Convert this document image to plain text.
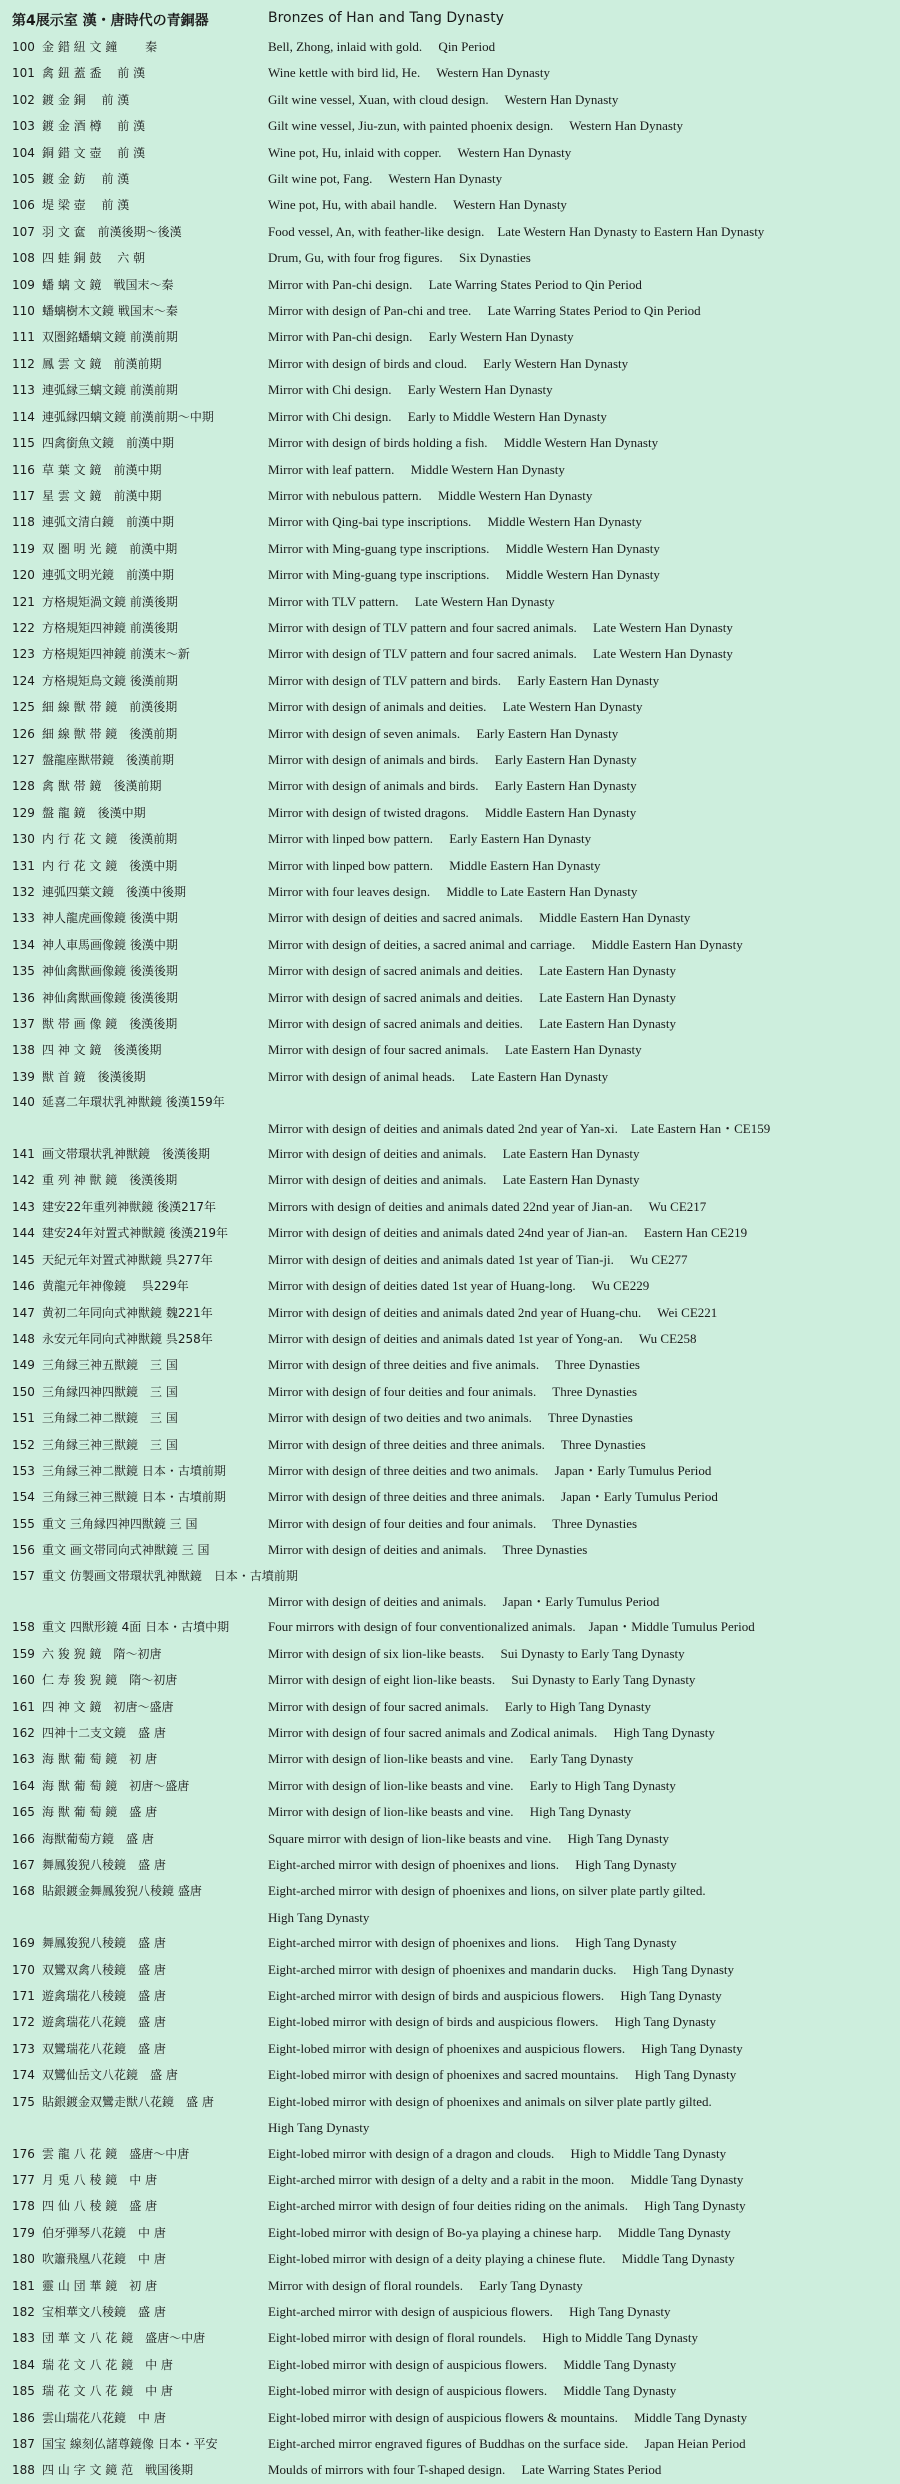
第4展示室 漢・唐時代の青銅器	Bronzes of Han and Tang Dynasty
100 金 錯 紐 文 鐘　　 秦	Bell, Zhong, inlaid with gold.　 Qin Period
101 禽 鈕 蓋 盉　 前 漢	Wine kettle with bird lid, He.　 Western Han Dynasty
102 鍍 金 銅　 前 漢	Gilt wine vessel, Xuan, with cloud design.　 Western Han Dynasty
103 鍍 金 酒 樽　 前 漢	Gilt wine vessel, Jiu-zun, with painted phoenix design.　 Western Han Dynasty
104 銅 錯 文 壺　 前 漢	Wine pot, Hu, inlaid with copper.　 Western Han Dynasty
105 鍍 金 鈁　 前 漢	Gilt wine pot, Fang.　 Western Han Dynasty
106 堤 梁 壺　 前 漢	Wine pot, Hu, with abail handle.　 Western Han Dynasty
107 羽 文 奩　前漢後期～後漢	Food vessel, An, with feather-like design.　Late Western Han Dynasty to Eastern Han Dynasty
108 四 蛙 銅 鼓　 六 朝	Drum, Gu, with four frog figures.　 Six Dynasties
109 蟠 螭 文 鏡　戦国末～秦	Mirror with Pan-chi design.　 Late Warring States Period to Qin Period
110 蟠螭樹木文鏡 戦国末～秦	Mirror with design of Pan-chi and tree.　 Late Warring States Period to Qin Period
111 双圏銘蟠螭文鏡 前漢前期	Mirror with Pan-chi design.　 Early Western Han Dynasty
112 鳳 雲 文 鏡　前漢前期	Mirror with design of birds and cloud.　 Early Western Han Dynasty
113 連弧縁三螭文鏡 前漢前期	Mirror with Chi design.　 Early Western Han Dynasty
114 連弧縁四螭文鏡 前漢前期～中期	Mirror with Chi design.　 Early to Middle Western Han Dynasty
115 四禽銜魚文鏡　前漢中期	Mirror with design of birds holding a fish.　 Middle Western Han Dynasty
116 草 葉 文 鏡　前漢中期	Mirror with leaf pattern.　 Middle Western Han Dynasty
117 星 雲 文 鏡　前漢中期	Mirror with nebulous pattern.　 Middle Western Han Dynasty
118 連弧文清白鏡　前漢中期	Mirror with Qing-bai type inscriptions.　 Middle Western Han Dynasty
119 双 圏 明 光 鏡　前漢中期	Mirror with Ming-guang type inscriptions.　 Middle Western Han Dynasty
120 連弧文明光鏡　前漢中期	Mirror with Ming-guang type inscriptions.　 Middle Western Han Dynasty
121 方格規矩渦文鏡 前漢後期	Mirror with TLV pattern.　 Late Western Han Dynasty
122 方格規矩四神鏡 前漢後期	Mirror with design of TLV pattern and four sacred animals.　 Late Western Han Dynasty
123 方格規矩四神鏡 前漢末～新	Mirror with design of TLV pattern and four sacred animals.　 Late Western Han Dynasty
124 方格規矩鳥文鏡 後漢前期	Mirror with design of TLV pattern and birds.　 Early Eastern Han Dynasty
125 細 線 獣 帯 鏡　前漢後期	Mirror with design of animals and deities.　 Late Western Han Dynasty
126 細 線 獣 帯 鏡　後漢前期	Mirror with design of seven animals.　 Early Eastern Han Dynasty
127 盤龍座獣帯鏡　後漢前期	Mirror with design of animals and birds.　 Early Eastern Han Dynasty
128 禽 獣 帯 鏡　後漢前期	Mirror with design of animals and birds.　 Early Eastern Han Dynasty
129 盤 龍 鏡　後漢中期	Mirror with design of twisted dragons.　 Middle Eastern Han Dynasty
130 内 行 花 文 鏡　後漢前期	Mirror with linped bow pattern.　 Early Eastern Han Dynasty
131 内 行 花 文 鏡　後漢中期	Mirror with linped bow pattern.　 Middle Eastern Han Dynasty
132 連弧四葉文鏡　後漢中後期	Mirror with four leaves design.　 Middle to Late Eastern Han Dynasty
133 神人龍虎画像鏡 後漢中期	Mirror with design of deities and sacred animals.　 Middle Eastern Han Dynasty
134 神人車馬画像鏡 後漢中期	Mirror with design of deities, a sacred animal and carriage.　 Middle Eastern Han Dynasty
135 神仙禽獣画像鏡 後漢後期	Mirror with design of sacred animals and deities.　 Late Eastern Han Dynasty
136 神仙禽獣画像鏡 後漢後期	Mirror with design of sacred animals and deities.　 Late Eastern Han Dynasty
137 獣 帯 画 像 鏡　後漢後期	Mirror with design of sacred animals and deities.　 Late Eastern Han Dynasty
138 四 神 文 鏡　後漢後期	Mirror with design of four sacred animals.　 Late Eastern Han Dynasty
139 獣 首 鏡　後漢後期	Mirror with design of animal heads.　 Late Eastern Han Dynasty
140 延喜二年環状乳神獣鏡 後漢159年
Mirror with design of deities and animals dated 2nd year of Yan-xi.　Late Eastern Han・CE159
141 画文帯環状乳神獣鏡　後漢後期	Mirror with design of deities and animals.　 Late Eastern Han Dynasty
142 重 列 神 獣 鏡　後漢後期	Mirror with design of deities and animals.　 Late Eastern Han Dynasty
143 建安22年重列神獣鏡 後漢217年	Mirrors with design of deities and animals dated 22nd year of Jian-an.　 Wu CE217
144 建安24年対置式神獣鏡 後漢219年	Mirror with design of deities and animals dated 24nd year of Jian-an.　 Eastern Han CE219
145 天紀元年対置式神獣鏡 呉277年	Mirror with design of deities and animals dated 1st year of Tian-ji.　 Wu CE277
146 黄龍元年神像鏡　 呉229年	Mirror with design of deities dated 1st year of Huang-long.　 Wu CE229
147 黄初二年同向式神獣鏡 魏221年	Mirror with design of deities and animals dated 2nd year of Huang-chu.　 Wei CE221
148 永安元年同向式神獣鏡 呉258年	Mirror with design of deities and animals dated 1st year of Yong-an.　 Wu CE258
149 三角縁三神五獣鏡　三 国	Mirror with design of three deities and five animals.　 Three Dynasties
150 三角縁四神四獣鏡　三 国	Mirror with design of four deities and four animals.　 Three Dynasties
151 三角縁二神二獣鏡　三 国	Mirror with design of two deities and two animals.　 Three Dynasties
152 三角縁三神三獣鏡　三 国	Mirror with design of three deities and three animals.　 Three Dynasties
153 三角縁三神二獣鏡 日本・古墳前期	Mirror with design of three deities and two animals.　 Japan・Early Tumulus Period
154 三角縁三神三獣鏡 日本・古墳前期	Mirror with design of three deities and three animals.　 Japan・Early Tumulus Period
155 重文 三角縁四神四獣鏡 三 国	Mirror with design of four deities and four animals.　 Three Dynasties
156 重文 画文帯同向式神獣鏡 三 国	Mirror with design of deities and animals.　 Three Dynasties
157 重文 仿製画文帯環状乳神獣鏡　日本・古墳前期
Mirror with design of deities and animals.　 Japan・Early Tumulus Period
158 重文 四獣形鏡 4面 日本・古墳中期	Four mirrors with design of four conventionalized animals.　Japan・Middle Tumulus Period
159 六 狻 猊 鏡　隋～初唐	Mirror with design of six lion-like beasts.　 Sui Dynasty to Early Tang Dynasty
160 仁 寿 狻 猊 鏡　隋～初唐	Mirror with design of eight lion-like beasts.　 Sui Dynasty to Early Tang Dynasty
161 四 神 文 鏡　初唐～盛唐	Mirror with design of four sacred animals.　 Early to High Tang Dynasty
162 四神十二支文鏡　盛 唐	Mirror with design of four sacred animals and Zodical animals.　 High Tang Dynasty
163 海 獣 葡 萄 鏡　初 唐	Mirror with design of lion-like beasts and vine.　 Early Tang Dynasty
164 海 獣 葡 萄 鏡　初唐～盛唐	Mirror with design of lion-like beasts and vine.　 Early to High Tang Dynasty
165 海 獣 葡 萄 鏡　盛 唐	Mirror with design of lion-like beasts and vine.　 High Tang Dynasty
166 海獣葡萄方鏡　盛 唐	Square mirror with design of lion-like beasts and vine.　 High Tang Dynasty
167 舞鳳狻猊八稜鏡　盛 唐	Eight-arched mirror with design of phoenixes and lions.　 High Tang Dynasty
168 貼銀鍍金舞鳳狻猊八稜鏡 盛唐	Eight-arched mirror with design of phoenixes and lions, on silver plate partly gilted.
High Tang Dynasty
169 舞鳳狻猊八稜鏡　盛 唐	Eight-arched mirror with design of phoenixes and lions.　 High Tang Dynasty
170 双鸞双禽八稜鏡　盛 唐	Eight-arched mirror with design of phoenixes and mandarin ducks.　 High Tang Dynasty
171 遊禽瑞花八稜鏡　盛 唐	Eight-arched mirror with design of birds and auspicious flowers.　 High Tang Dynasty
172 遊禽瑞花八花鏡　盛 唐	Eight-lobed mirror with design of birds and auspicious flowers.　 High Tang Dynasty
173 双鸞瑞花八花鏡　盛 唐	Eight-lobed mirror with design of phoenixes and auspicious flowers.　 High Tang Dynasty
174 双鸞仙岳文八花鏡　盛 唐	Eight-lobed mirror with design of phoenixes and sacred mountains.　 High Tang Dynasty
175 貼銀鍍金双鸞走獣八花鏡　盛 唐	Eight-lobed mirror with design of phoenixes and animals on silver plate partly gilted.
High Tang Dynasty
176 雲 龍 八 花 鏡　盛唐～中唐	Eight-lobed mirror with design of a dragon and clouds.　 High to Middle Tang Dynasty
177 月 兎 八 稜 鏡　中 唐	Eight-arched mirror with design of a delty and a rabit in the moon.　 Middle Tang Dynasty
178 四 仙 八 稜 鏡　盛 唐	Eight-arched mirror with design of four deities riding on the animals.　 High Tang Dynasty
179 伯牙弾琴八花鏡　中 唐	Eight-lobed mirror with design of Bo-ya playing a chinese harp.　 Middle Tang Dynasty
180 吹簫飛凰八花鏡　中 唐	Eight-lobed mirror with design of a deity playing a chinese flute.　 Middle Tang Dynasty
181 靈 山 団 華 鏡　初 唐	Mirror with design of floral roundels.　 Early Tang Dynasty
182 宝相華文八稜鏡　盛 唐	Eight-arched mirror with design of auspicious flowers.　 High Tang Dynasty
183 団 華 文 八 花 鏡　盛唐～中唐	Eight-lobed mirror with design of floral roundels.　 High to Middle Tang Dynasty
184 瑞 花 文 八 花 鏡　中 唐	Eight-lobed mirror with design of auspicious flowers.　 Middle Tang Dynasty
185 瑞 花 文 八 花 鏡　中 唐	Eight-lobed mirror with design of auspicious flowers.　 Middle Tang Dynasty
186 雲山瑞花八花鏡　中 唐	Eight-lobed mirror with design of auspicious flowers & mountains.　 Middle Tang Dynasty
187 国宝 線刻仏諸尊鏡像 日本・平安	Eight-arched mirror engraved figures of Buddhas on the surface side.　 Japan Heian Period
188 四 山 字 文 鏡 范　戦国後期	Moulds of mirrors with four T-shaped design.　 Late Warring States Period
